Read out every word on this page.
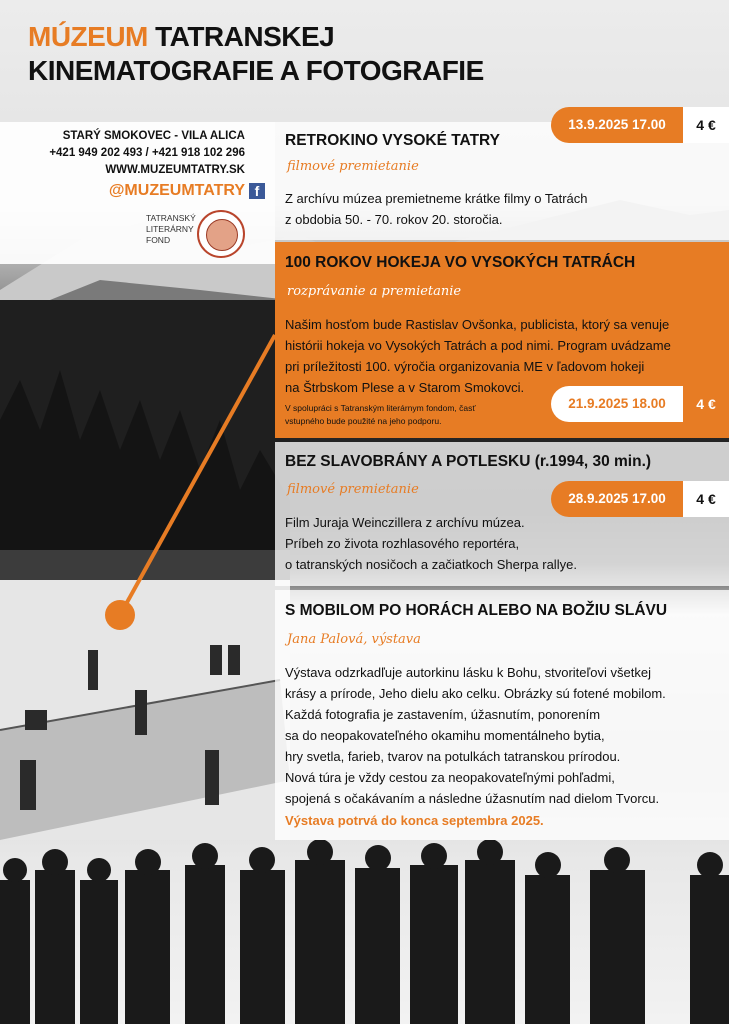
MÚZEUM TATRANSKEJ
KINEMATOGRAFIE A FOTOGRAFIE
STARÝ SMOKOVEC - VILA ALICA
+421 949 202 493 / +421 918 102 296
WWW.MUZEUMTATRY.SK
@MUZEUMTATRY f
TATRANSKÝ
LITERÁRNY
FOND
RETROKINO VYSOKÉ TATRY
filmové premietanie
Z archívu múzea premietneme krátke filmy o Tatrách
z obdobia 50. - 70. rokov 20. storočia.
13.9.2025 17.00	4 €
100 ROKOV HOKEJA VO VYSOKÝCH TATRÁCH
rozprávanie a premietanie
Našim hosťom bude Rastislav Ovšonka, publicista, ktorý sa venuje
histórii hokeja vo Vysokých Tatrách a pod nimi. Program uvádzame
pri príležitosti 100. výročia organizovania ME v ľadovom hokeji
na Štrbskom Plese a v Starom Smokovci.
V spolupráci s Tatranským literárnym fondom, časť
vstupného bude použité na jeho podporu.
21.9.2025 18.00	4 €
BEZ SLAVOBRÁNY A POTLESKU (r.1994, 30 min.)
filmové premietanie
Film Juraja Weinczillera z archívu múzea.
Príbeh zo života rozhlasového reportéra,
o tatranských nosičoch a začiatkoch Sherpa rallye.
28.9.2025 17.00	4 €
S MOBILOM PO HORÁCH ALEBO NA BOŽIU SLÁVU
Jana Palová, výstava
Výstava odzrkadľuje autorkinu lásku k Bohu, stvoriteľovi všetkej
krásy a prírode, Jeho dielu ako celku. Obrázky sú fotené mobilom.
Každá fotografia je zastavením, úžasnutím, ponorením
sa do neopakovateľného okamihu momentálneho bytia,
hry svetla, farieb, tvarov na potulkách tatranskou prírodou.
Nová túra je vždy cestou za neopakovateľnými pohľadmi,
spojená s očakávaním a následne úžasnutím nad dielom Tvorcu.
Výstava potrvá do konca septembra 2025.
